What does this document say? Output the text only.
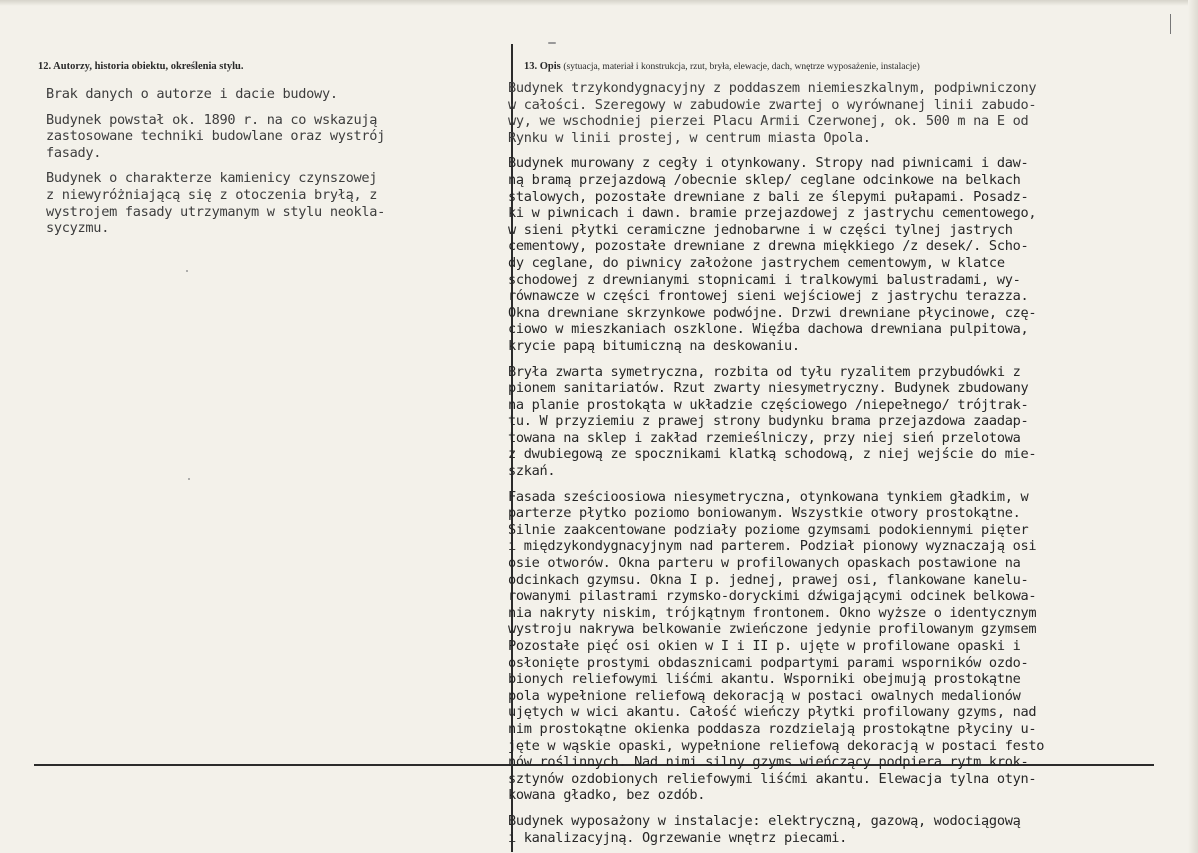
12. Autorzy, historia obiektu, określenia stylu.

Brak danych o autorze i dacie budowy.

Budynek powstał ok. 1890 r. na co wskazują
zastosowane techniki budowlane oraz wystrój
fasady.

Budynek o charakterze kamienicy czynszowej
z niewyróżniającą się z otoczenia bryłą, z
wystrojem fasady utrzymanym w stylu neokla-
sycyzmu.

13. Opis (sytuacja, materiał i konstrukcja, rzut, bryła, elewacje, dach, wnętrze wyposażenie, instalacje)

Budynek trzykondygnacyjny z poddaszem niemieszkalnym, podpiwniczony
w całości. Szeregowy w zabudowie zwartej o wyrównanej linii zabudo-
wy, we wschodniej pierzei Placu Armii Czerwonej, ok. 500 m na E od
Rynku w linii prostej, w centrum miasta Opola.

Budynek murowany z cegły i otynkowany. Stropy nad piwnicami i daw-
ną bramą przejazdową /obecnie sklep/ ceglane odcinkowe na belkach
stalowych, pozostałe drewniane z bali ze ślepymi pułapami. Posadz-
ki w piwnicach i dawn. bramie przejazdowej z jastrychu cementowego,
w sieni płytki ceramiczne jednobarwne i w części tylnej jastrych
cementowy, pozostałe drewniane z drewna miękkiego /z desek/. Scho-
dy ceglane, do piwnicy założone jastrychem cementowym, w klatce
schodowej z drewnianymi stopnicami i tralkowymi balustradami, wy-
równawcze w części frontowej sieni wejściowej z jastrychu terazza.
Okna drewniane skrzynkowe podwójne. Drzwi drewniane płycinowe, czę-
ciowo w mieszkaniach oszklone. Więźba dachowa drewniana pulpitowa,
krycie papą bitumiczną na deskowaniu.

Bryła zwarta symetryczna, rozbita od tyłu ryzalitem przybudówki z
pionem sanitariatów. Rzut zwarty niesymetryczny. Budynek zbudowany
na planie prostokąta w układzie częściowego /niepełnego/ trójtrak-
tu. W przyziemiu z prawej strony budynku brama przejazdowa zaadap-
towana na sklep i zakład rzemieślniczy, przy niej sień przelotowa
z dwubiegową ze spocznikami klatką schodową, z niej wejście do mie-
szkań.

Fasada sześcioosiowa niesymetryczna, otynkowana tynkiem gładkim, w
parterze płytko poziomo boniowanym. Wszystkie otwory prostokątne.
Silnie zaakcentowane podziały poziome gzymsami podokiennymi pięter
i międzykondygnacyjnym nad parterem. Podział pionowy wyznaczają osi
osie otworów. Okna parteru w profilowanych opaskach postawione na
odcinkach gzymsu. Okna I p. jednej, prawej osi, flankowane kanelu-
rowanymi pilastrami rzymsko-doryckimi dźwigającymi odcinek belkowa-
nia nakryty niskim, trójkątnym frontonem. Okno wyższe o identycznym
wystroju nakrywa belkowanie zwieńczone jedynie profilowanym gzymsem
Pozostałe pięć osi okien w I i II p. ujęte w profilowane opaski i
osłonięte prostymi obdasznicami podpartymi parami wsporników ozdo-
bionych reliefowymi liśćmi akantu. Wsporniki obejmują prostokątne
pola wypełnione reliefową dekoracją w postaci owalnych medalionów
ujętych w wici akantu. Całość wieńczy płytki profilowany gzyms, nad
nim prostokątne okienka poddasza rozdzielają prostokątne płyciny u-
jęte w wąskie opaski, wypełnione reliefową dekoracją w postaci festo
nów roślinnych. Nad nimi silny gzyms wieńczący podpiera rytm krok-
sztynów ozdobionych reliefowymi liśćmi akantu. Elewacja tylna otyn-
kowana gładko, bez ozdób.

Budynek wyposażony w instalacje: elektryczną, gazową, wodociągową
i kanalizacyjną. Ogrzewanie wnętrz piecami.
